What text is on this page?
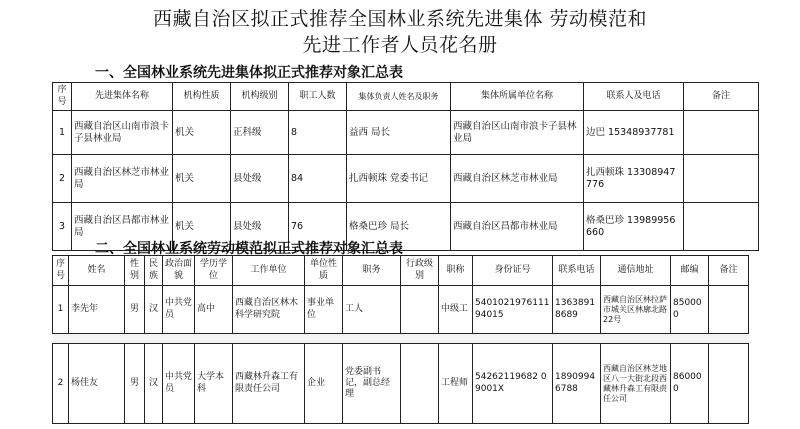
西藏自治区拟正式推荐全国林业系统先进集体 劳动模范和
先进工作者人员花名册
一、全国林业系统先进集体拟正式推荐对象汇总表
序号	先进集体名称	机构性质	机构级别	职工人数	集体负责人姓名及职务	集体所属单位名称	联系人及电话	备注
1	西藏自治区山南市浪卡子县林业局	机关	正科级	8	益西 局长	西藏自治区山南市浪卡子县林业局	边巴 15348937781	
2	西藏自治区林芝市林业局	机关	县处级	84	扎西顿珠 党委书记	西藏自治区林芝市林业局	扎西顿珠 13308947776	
3	西藏自治区昌都市林业局	机关	县处级	76	格桑巴珍 局长	西藏自治区昌都市林业局	格桑巴珍 13989956660	
二、全国林业系统劳动模范拟正式推荐对象汇总表
序号	姓名	性别	民族	政治面貌	学历学位	工作单位	单位性质	职务	行政级别	职称	身份证号	联系电话	通信地址	邮编	备注
1	李先年	男	汉	中共党员	高中	西藏自治区林木科学研究院	事业单位	工人		中级工	540102197611194015	13638918689	西藏自治区林拉萨市城关区林廓北路22号	850000	

2	杨佳友	男	汉	中共党员	大学本科	西藏林升森工有限责任公司	企业	党委副书记，副总经理		工程师	54262119682 09001X	18909946788	西藏自治区林芝地区八一大街北段西藏林升森工有限责任公司	860000	
